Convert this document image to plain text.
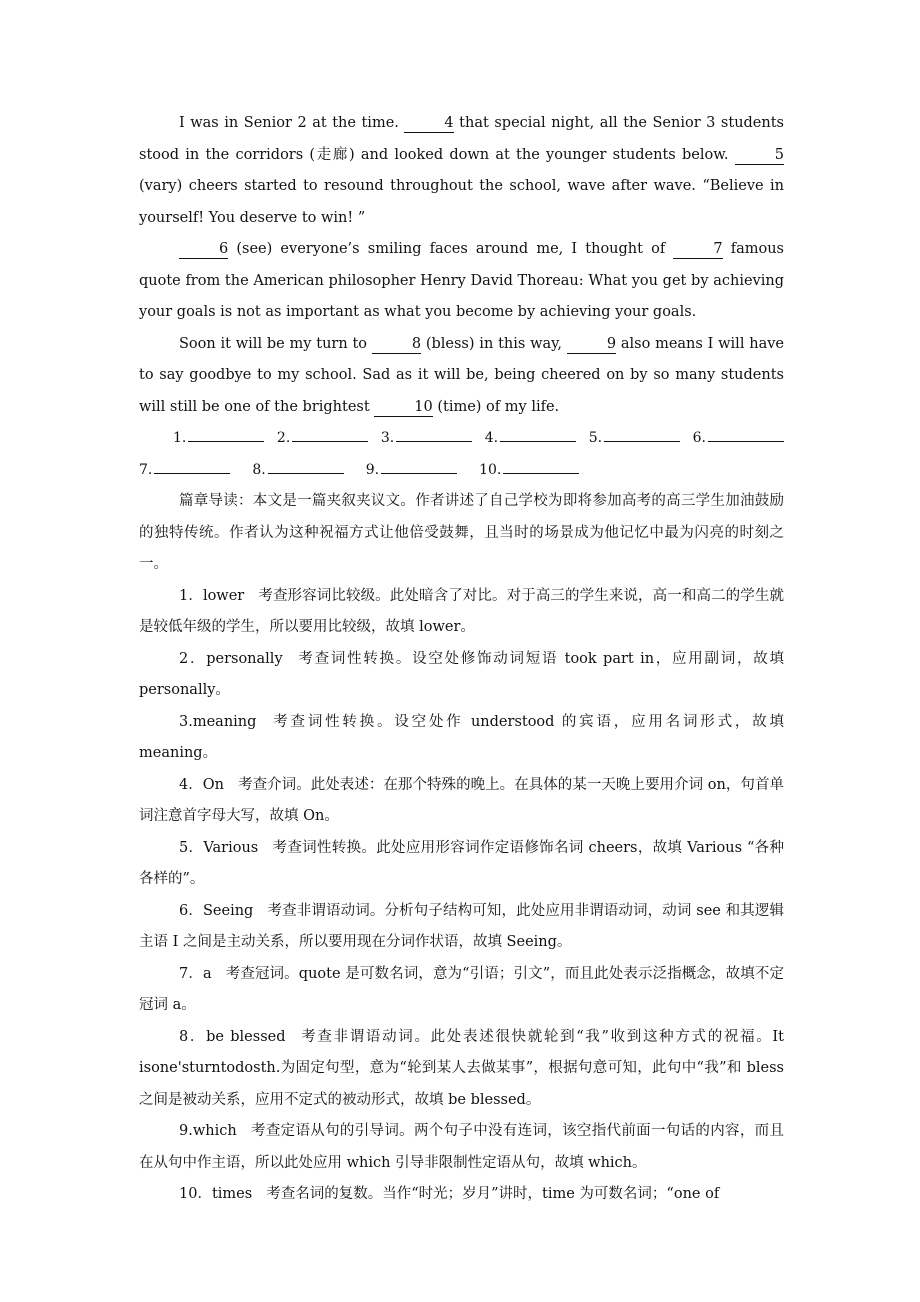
I was in Senior 2 at the time.	4 that special night, all the Senior 3 students stood in the corridors (走廊) and looked down at the younger students below.	5 (vary) cheers started to resound throughout the school, wave after wave. “Believe in yourself! You deserve to win! ”

6 (see) everyone’s smiling faces around me, I thought of	7 famous quote from the American philosopher Henry David Thoreau: What you get by achieving your goals is not as important as what you become by achieving your goals.

Soon it will be my turn to	8 (bless) in this way,	9 also means I will have to say goodbye to my school. Sad as it will be, being cheered on by so many students will still be one of the brightest	10 (time) of my life.

1.	2.	3.	4.	5.	6.
7.	8.	9.	10.

篇章导读：本文是一篇夹叙夹议文。作者讲述了自己学校为即将参加高考的高三学生加油鼓励的独特传统。作者认为这种祝福方式让他倍受鼓舞，且当时的场景成为他记忆中最为闪亮的时刻之一。

1．lower 考查形容词比较级。此处暗含了对比。对于高三的学生来说，高一和高二的学生就是较低年级的学生，所以要用比较级，故填 lower。

2．personally 考查词性转换。设空处修饰动词短语 took part in，应用副词，故填 personally。

3.meaning 考查词性转换。设空处作 understood 的宾语，应用名词形式，故填 meaning。

4．On 考查介词。此处表述：在那个特殊的晚上。在具体的某一天晚上要用介词 on，句首单词注意首字母大写，故填 On。

5．Various 考查词性转换。此处应用形容词作定语修饰名词 cheers，故填 Various “各种各样的”。

6．Seeing 考查非谓语动词。分析句子结构可知，此处应用非谓语动词，动词 see 和其逻辑主语 I 之间是主动关系，所以要用现在分词作状语，故填 Seeing。

7．a 考查冠词。quote 是可数名词，意为“引语；引文”，而且此处表示泛指概念，故填不定冠词 a。

8．be blessed 考查非谓语动词。此处表述很快就轮到“我”收到这种方式的祝福。It isone'sturntodosth.为固定句型，意为“轮到某人去做某事”，根据句意可知，此句中“我”和 bless 之间是被动关系，应用不定式的被动形式，故填 be blessed。

9.which 考查定语从句的引导词。两个句子中没有连词，该空指代前面一句话的内容，而且在从句中作主语，所以此处应用 which 引导非限制性定语从句，故填 which。

10．times 考查名词的复数。当作“时光；岁月”讲时，time 为可数名词；“one of
